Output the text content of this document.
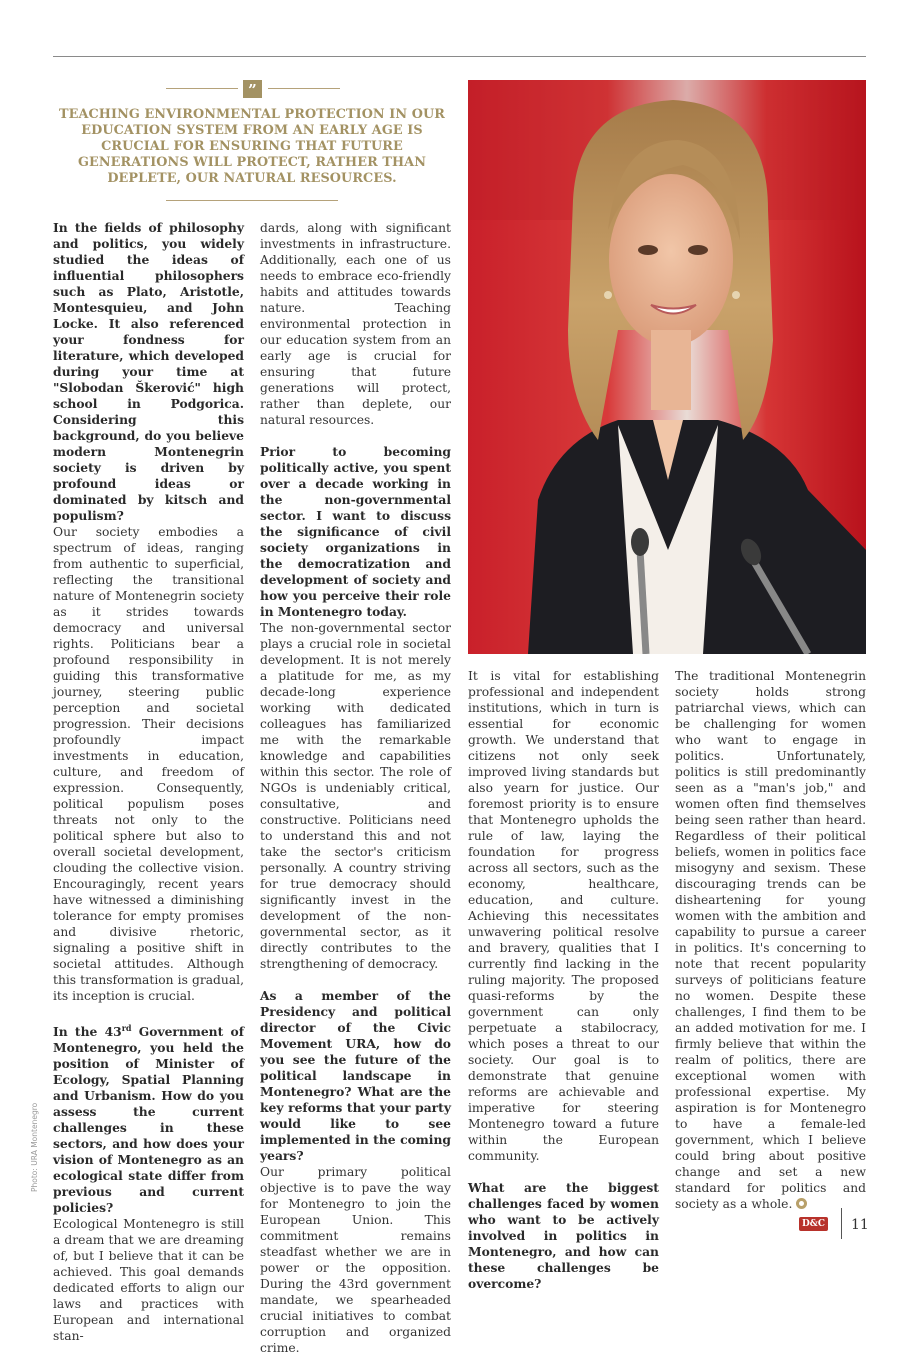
”
TEACHING ENVIRONMENTAL PROTECTION IN OUR EDUCATION SYSTEM FROM AN EARLY AGE IS CRUCIAL FOR ENSURING THAT FUTURE GENERATIONS WILL PROTECT, RATHER THAN DEPLETE, OUR NATURAL RESOURCES.

In the fields of philosophy and politics, you widely studied the ideas of influential philosophers such as Plato, Aristotle, Montesquieu, and John Locke. It also referenced your fondness for literature, which developed during your time at "Slobodan Škerović" high school in Podgorica. Considering this background, do you believe modern Montenegrin society is driven by profound ideas or dominated by kitsch and populism?

Our society embodies a spectrum of ideas, ranging from authentic to superficial, reflecting the transitional nature of Montenegrin society as it strides towards democracy and universal rights. Politicians bear a profound responsibility in guiding this transformative journey, steering public perception and societal progression. Their decisions profoundly impact investments in education, culture, and freedom of expression. Consequently, political populism poses threats not only to the political sphere but also to overall societal development, clouding the collective vision. Encouragingly, recent years have witnessed a diminishing tolerance for empty promises and divisive rhetoric, signaling a positive shift in societal attitudes. Although this transformation is gradual, its inception is crucial.

In the 43rd Government of Montenegro, you held the position of Minister of Ecology, Spatial Planning and Urbanism. How do you assess the current challenges in these sectors, and how does your vision of Montenegro as an ecological state differ from previous and current policies?

Ecological Montenegro is still a dream that we are dreaming of, but I believe that it can be achieved. This goal demands dedicated efforts to align our laws and practices with European and international stan-

dards, along with significant investments in infrastructure. Additionally, each one of us needs to embrace eco-friendly habits and attitudes towards nature. Teaching environmental protection in our education system from an early age is crucial for ensuring that future generations will protect, rather than deplete, our natural resources.

Prior to becoming politically active, you spent over a decade working in the non-governmental sector. I want to discuss the significance of civil society organizations in the democratization and development of society and how you perceive their role in Montenegro today.

The non-governmental sector plays a crucial role in societal development. It is not merely a platitude for me, as my decade-long experience working with dedicated colleagues has familiarized me with the remarkable knowledge and capabilities within this sector. The role of NGOs is undeniably critical, consultative, and constructive. Politicians need to understand this and not take the sector's criticism personally. A country striving for true democracy should significantly invest in the development of the non-governmental sector, as it directly contributes to the strengthening of democracy.

As a member of the Presidency and political director of the Civic Movement URA, how do you see the future of the political landscape in Montenegro? What are the key reforms that your party would like to see implemented in the coming years?

Our primary political objective is to pave the way for Montenegro to join the European Union. This commitment remains steadfast whether we are in power or the opposition. During the 43rd government mandate, we spearheaded crucial initiatives to combat corruption and organized crime.

It is vital for establishing professional and independent institutions, which in turn is essential for economic growth. We understand that citizens not only seek improved living standards but also yearn for justice. Our foremost priority is to ensure that Montenegro upholds the rule of law, laying the foundation for progress across all sectors, such as the economy, healthcare, education, and culture. Achieving this necessitates unwavering political resolve and bravery, qualities that I currently find lacking in the ruling majority. The proposed quasi-reforms by the government can only perpetuate a stabilocracy, which poses a threat to our society. Our goal is to demonstrate that genuine reforms are achievable and imperative for steering Montenegro toward a future within the European community.

What are the biggest challenges faced by women who want to be actively involved in politics in Montenegro, and how can these challenges be overcome?

The traditional Montenegrin society holds strong patriarchal views, which can be challenging for women who want to engage in politics. Unfortunately, politics is still predominantly seen as a "man's job," and women often find themselves being seen rather than heard. Regardless of their political beliefs, women in politics face misogyny and sexism. These discouraging trends can be disheartening for young women with the ambition and capability to pursue a career in politics. It's concerning to note that recent popularity surveys of politicians feature no women. Despite these challenges, I find them to be an added motivation for me. I firmly believe that within the realm of politics, there are exceptional women with professional expertise. My aspiration is for Montenegro to have a female-led government, which I believe could bring about positive change and set a new standard for politics and society as a whole.

Photo: URA Montenegro
D&C 11
